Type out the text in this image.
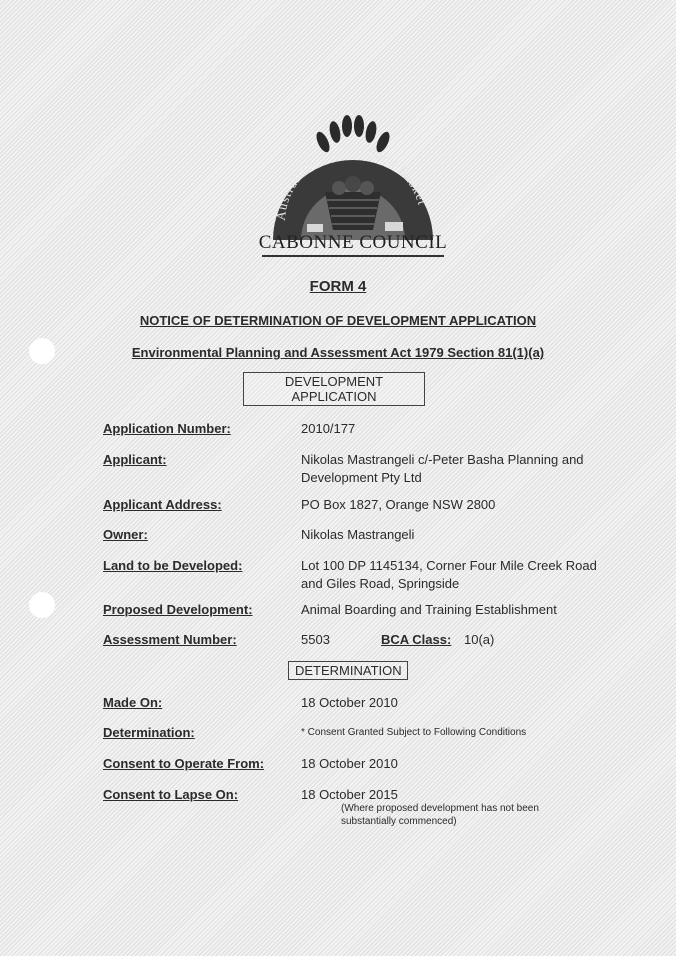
Australia's
Food Basket
CABONNE COUNCIL
FORM 4
NOTICE OF DETERMINATION OF DEVELOPMENT APPLICATION
Environmental Planning and Assessment Act 1979 Section 81(1)(a)
DEVELOPMENT APPLICATION
Application Number:	2010/177
Applicant:	Nikolas Mastrangeli c/-Peter Basha Planning and Development Pty Ltd
Applicant Address:	PO Box 1827, Orange NSW 2800
Owner:	Nikolas Mastrangeli
Land to be Developed:	Lot 100 DP 1145134, Corner Four Mile Creek Road and Giles Road, Springside
Proposed Development:	Animal Boarding and Training Establishment
Assessment Number:	5503	BCA Class: 10(a)
DETERMINATION
Made On:	18 October 2010
Determination:	* Consent Granted Subject to Following Conditions
Consent to Operate From:	18 October 2010
Consent to Lapse On:	18 October 2015
(Where proposed development has not been substantially commenced)
